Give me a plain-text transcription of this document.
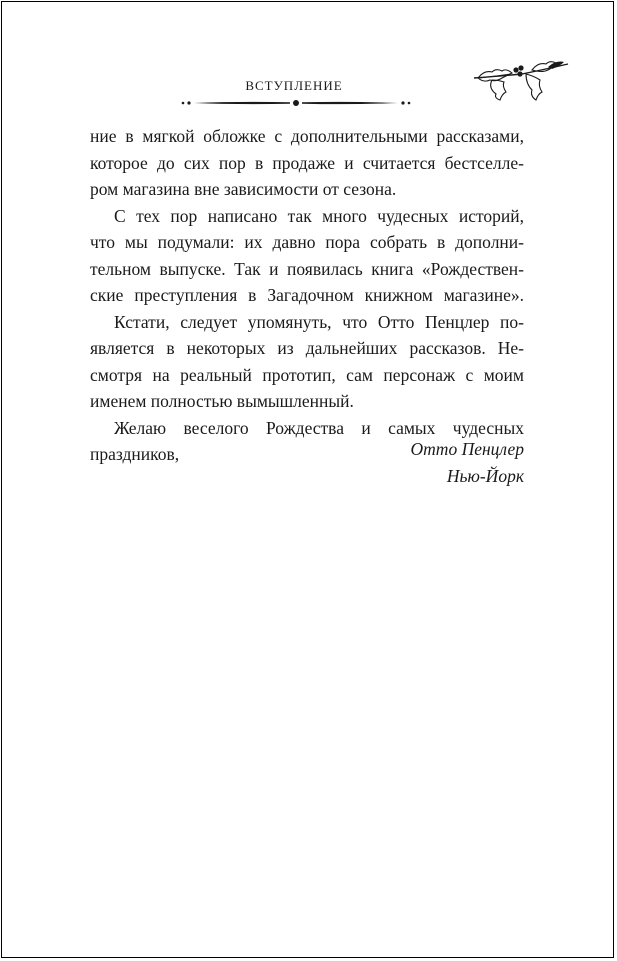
ВСТУПЛЕНИЕ

ние в мягкой обложке с дополнительными рассказами,
которое до сих пор в продаже и считается бестселле-
ром магазина вне зависимости от сезона.

С тех пор написано так много чудесных историй,
что мы подумали: их давно пора собрать в дополни-
тельном выпуске. Так и появилась книга «Рождествен-
ские преступления в Загадочном книжном магазине».

Кстати, следует упомянуть, что Отто Пенцлер по-
является в некоторых из дальнейших рассказов. Не-
смотря на реальный прототип, сам персонаж с моим
именем полностью вымышленный.

Желаю веселого Рождества и самых чудесных
праздников,	Отто Пенцлер
Нью-Йорк
